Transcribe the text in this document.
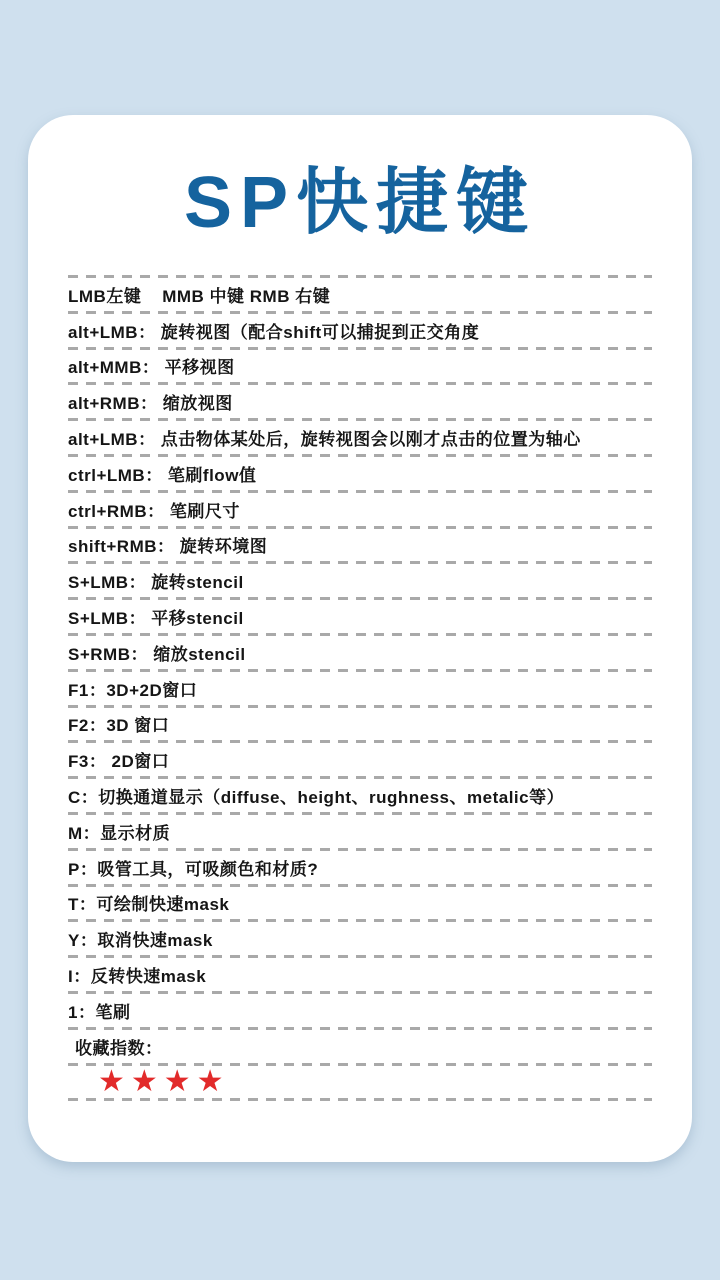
SP快捷键
LMB左键    MMB 中键 RMB 右键
alt+LMB： 旋转视图（配合shift可以捕捉到正交角度
alt+MMB： 平移视图
alt+RMB： 缩放视图
alt+LMB： 点击物体某处后，旋转视图会以刚才点击的位置为轴心
ctrl+LMB： 笔刷flow值
ctrl+RMB： 笔刷尺寸
shift+RMB： 旋转环境图
S+LMB： 旋转stencil
S+LMB： 平移stencil
S+RMB： 缩放stencil
F1：3D+2D窗口
F2：3D 窗口
F3： 2D窗口
C：切换通道显示（diffuse、height、rughness、metalic等）
M：显示材质
P：吸管工具，可吸颜色和材质?
T：可绘制快速mask
Y：取消快速mask
I：反转快速mask
1：笔刷
收藏指数：
★★★★
